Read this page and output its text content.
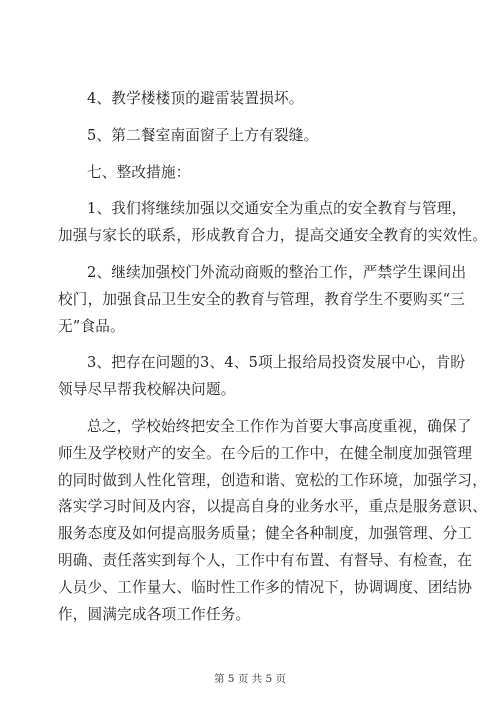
4、教学楼楼顶的避雷装置损坏。
5、第二餐室南面窗子上方有裂缝。
七、整改措施：
1、我们将继续加强以交通安全为重点的安全教育与管理，
加强与家长的联系，形成教育合力，提高交通安全教育的实效性。
2、继续加强校门外流动商贩的整治工作，严禁学生课间出
校门，加强食品卫生安全的教育与管理，教育学生不要购买“三
无”食品。
3、把存在问题的3、4、5项上报给局投资发展中心，肯盼
领导尽早帮我校解决问题。
总之，学校始终把安全工作作为首要大事高度重视，确保了
师生及学校财产的安全。在今后的工作中，在健全制度加强管理
的同时做到人性化管理，创造和谐、宽松的工作环境，加强学习，
落实学习时间及内容，以提高自身的业务水平，重点是服务意识、
服务态度及如何提高服务质量；健全各种制度，加强管理、分工
明确、责任落实到每个人，工作中有布置、有督导、有检查，在
人员少、工作量大、临时性工作多的情况下，协调调度、团结协
作，圆满完成各项工作任务。
第 5 页 共 5 页
